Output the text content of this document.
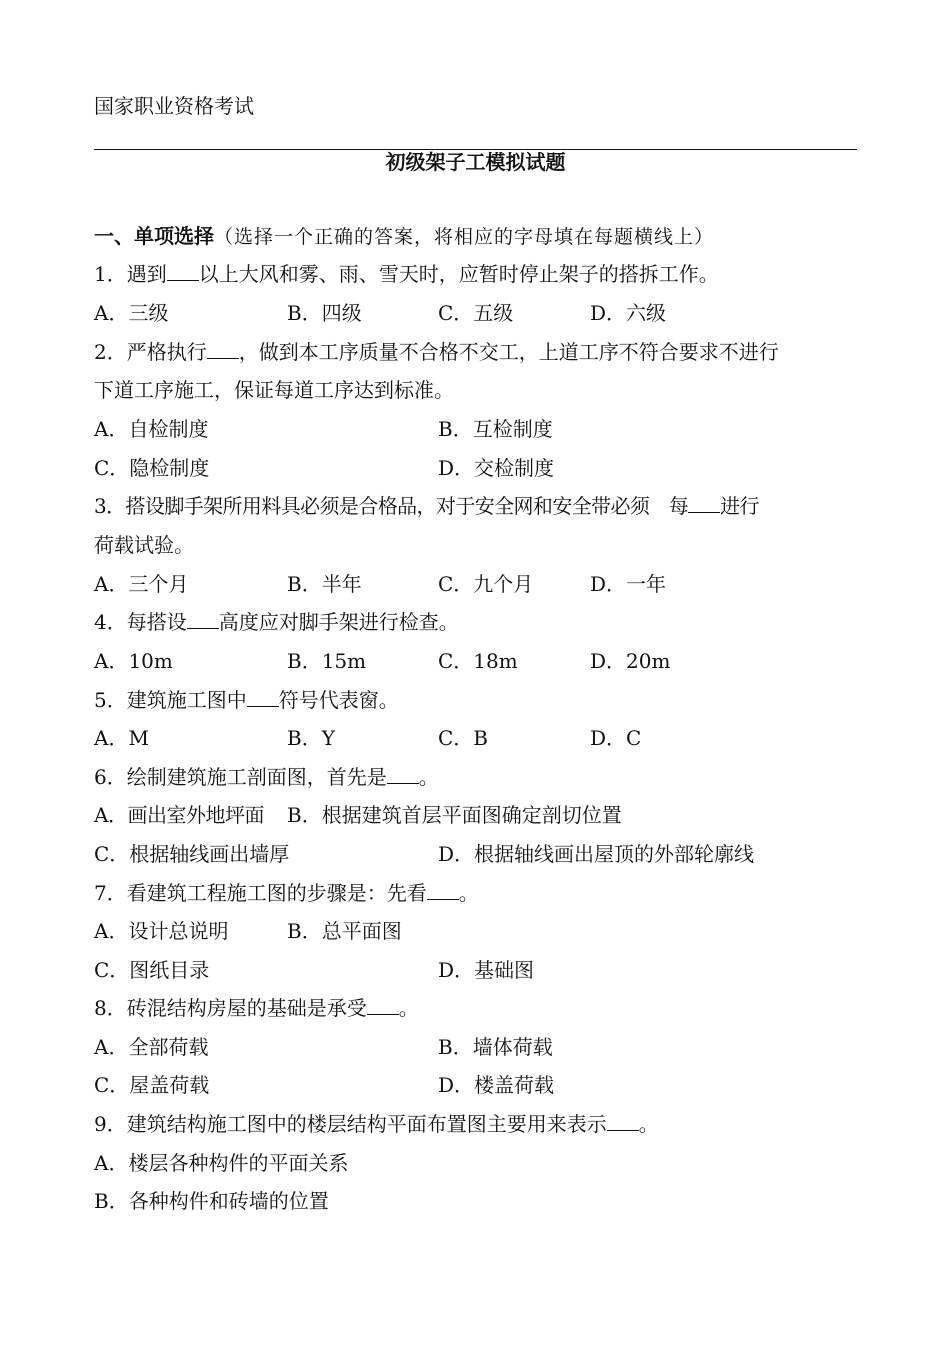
国家职业资格考试
初级架子工模拟试题
一、单项选择（选择一个正确的答案，将相应的字母填在每题横线上）
1．遇到 以上大风和雾、雨、雪天时，应暂时停止架子的搭拆工作。
A．三级	B．四级	C．五级	D．六级
2．严格执行 ，做到本工序质量不合格不交工，上道工序不符合要求不进行
下道工序施工，保证每道工序达到标准。
A．自检制度	B．互检制度
C．隐检制度	D．交检制度
3．搭设脚手架所用料具必须是合格品，对于安全网和安全带必须　每 进行
荷载试验。
A．三个月	B．半年	C．九个月	D．一年
4．每搭设 高度应对脚手架进行检查。
A．10m	B．15m	C．18m	D．20m
5．建筑施工图中 符号代表窗。
A．M	B．Y	C．B	D．C
6．绘制建筑施工剖面图，首先是 。
A．画出室外地坪面 B．根据建筑首层平面图确定剖切位置
C．根据轴线画出墙厚	D．根据轴线画出屋顶的外部轮廓线
7．看建筑工程施工图的步骤是：先看 。
A．设计总说明	B．总平面图
C．图纸目录	D．基础图
8．砖混结构房屋的基础是承受 。
A．全部荷载	B．墙体荷载
C．屋盖荷载	D．楼盖荷载
9．建筑结构施工图中的楼层结构平面布置图主要用来表示 。
A．楼层各种构件的平面关系
B．各种构件和砖墙的位置
